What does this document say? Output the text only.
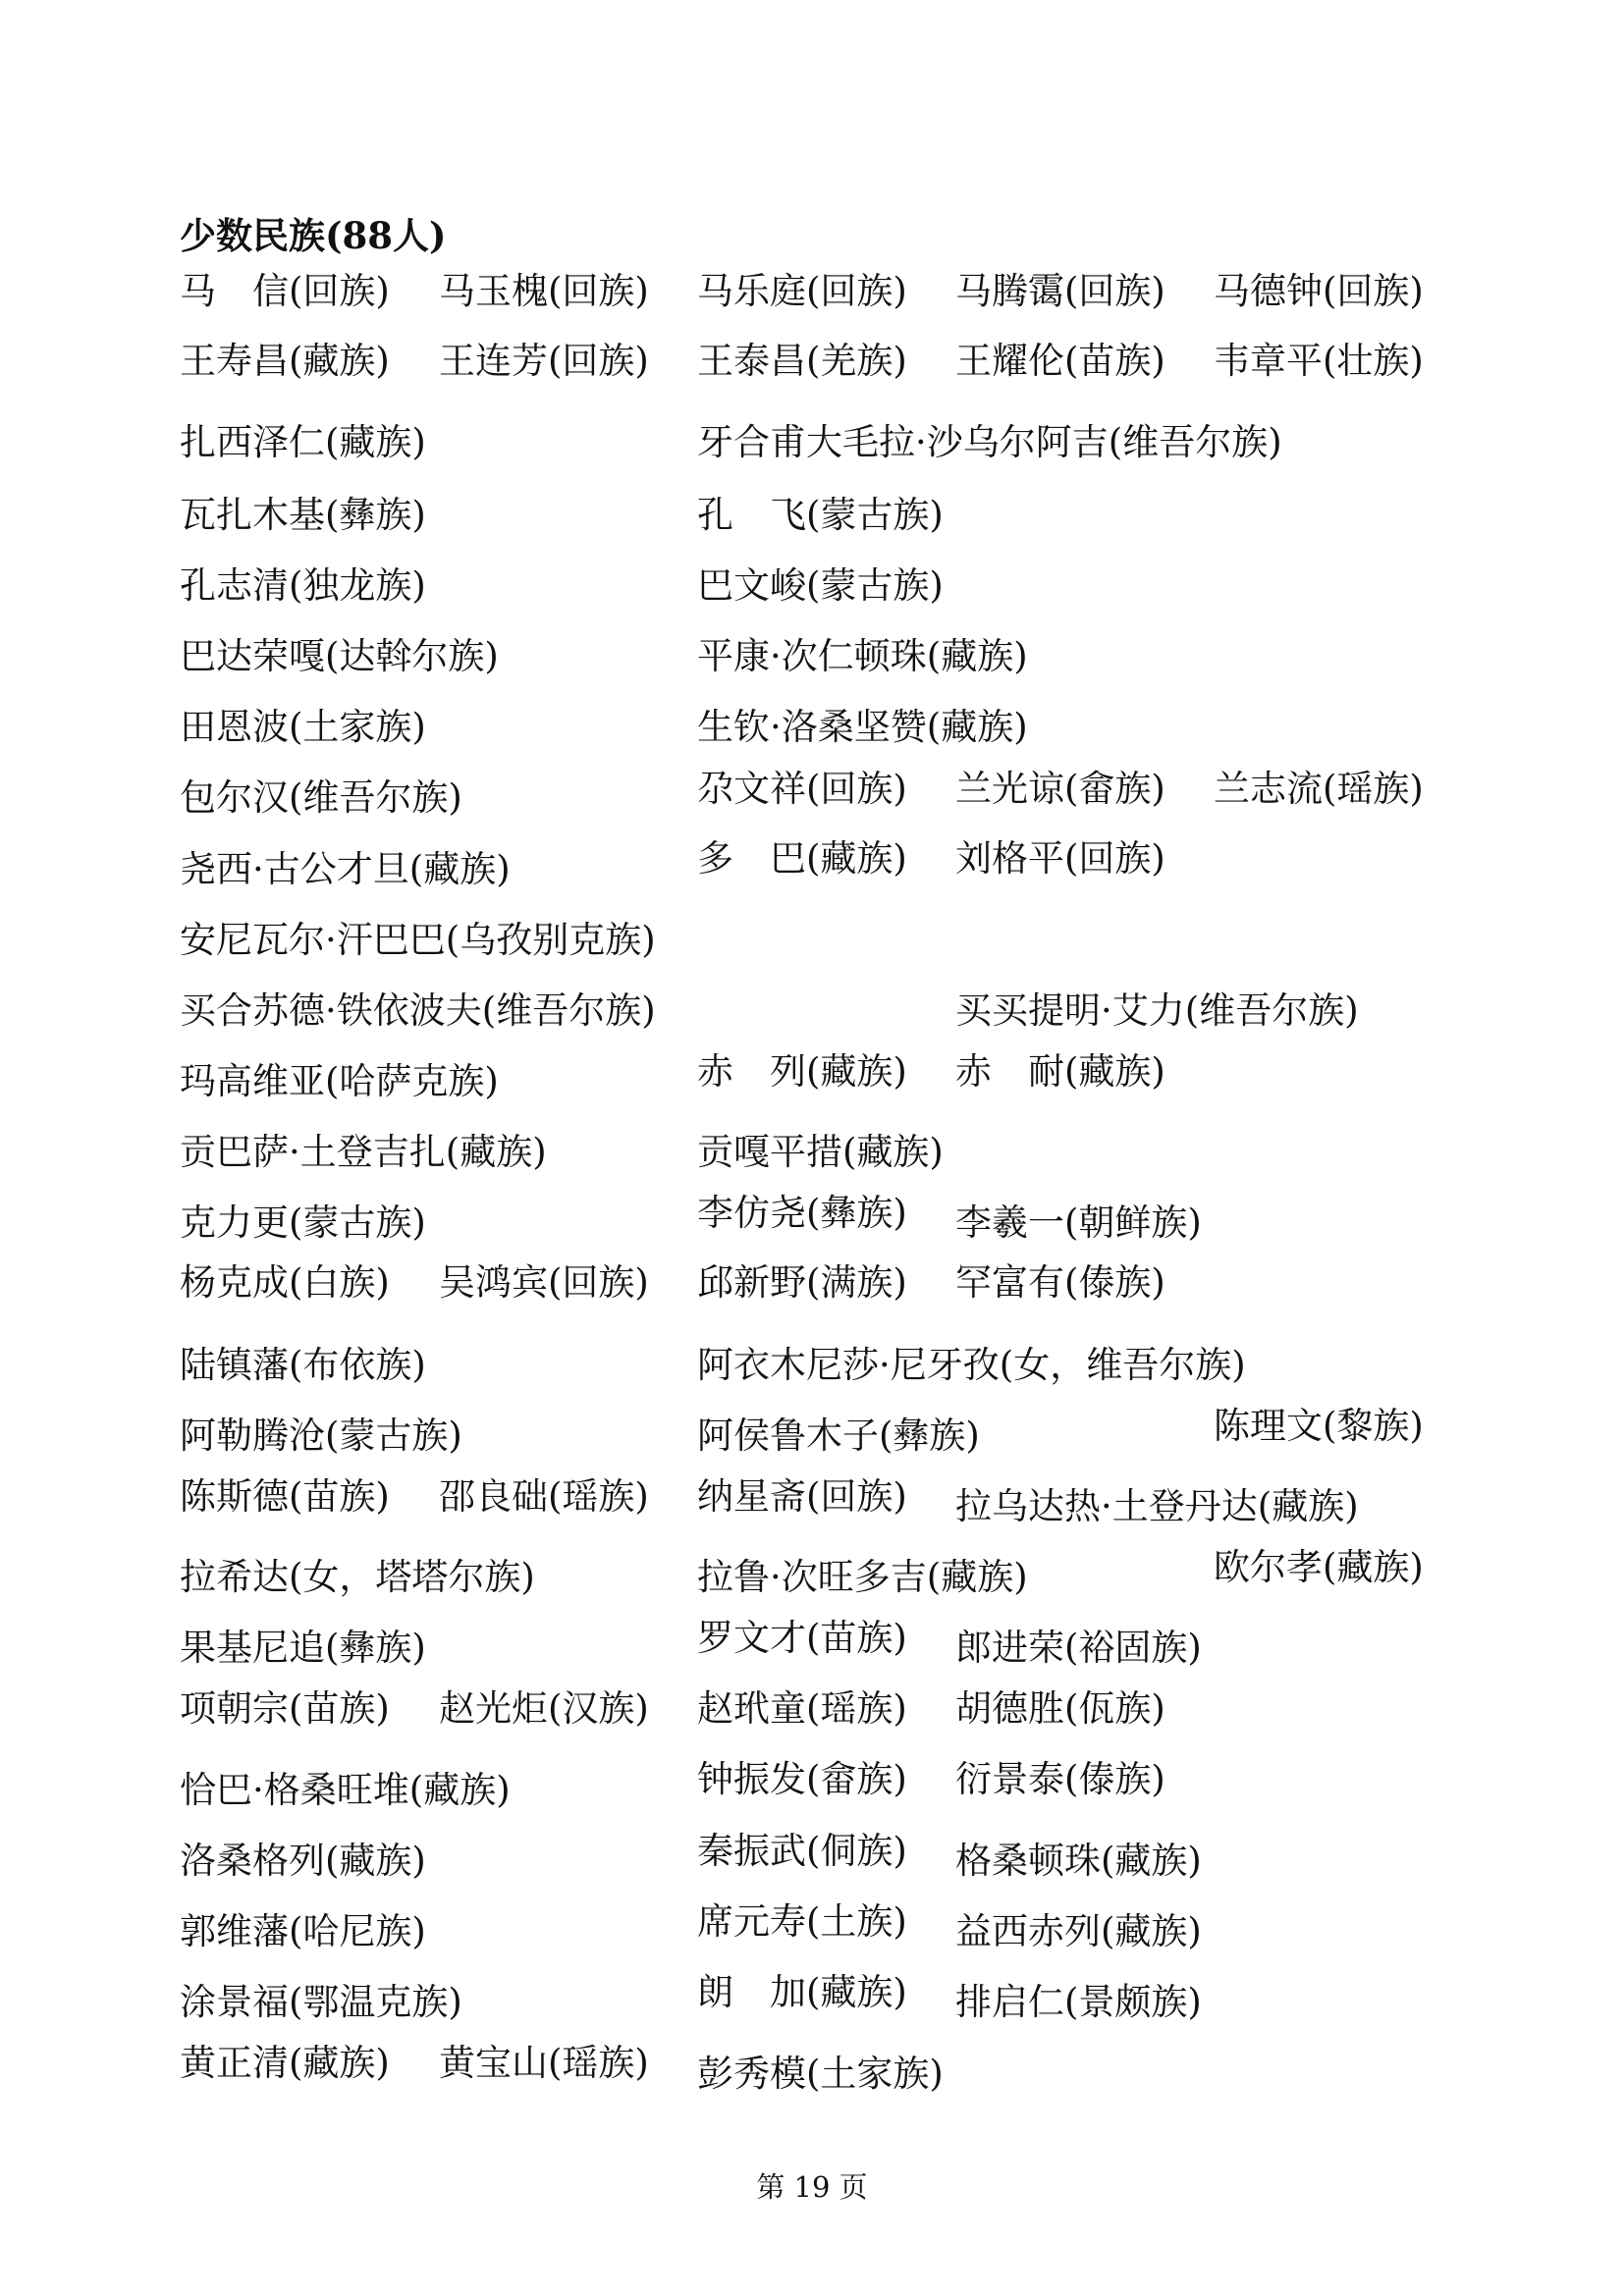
少数民族(88人)
马　信(回族) 马玉槐(回族) 马乐庭(回族) 马腾霭(回族) 马德钟(回族)
王寿昌(藏族) 王连芳(回族) 王泰昌(羌族) 王耀伦(苗族) 韦章平(壮族)
扎西泽仁(藏族)	牙合甫大毛拉·沙乌尔阿吉(维吾尔族)
瓦扎木基(彝族)	孔　飞(蒙古族)
孔志清(独龙族)	巴文峻(蒙古族)
巴达荣嘎(达斡尔族)	平康·次仁顿珠(藏族)
田恩波(土家族)	生钦·洛桑坚赞(藏族)
包尔汉(维吾尔族)	尕文祥(回族) 兰光谅(畲族) 兰志流(瑶族)
尧西·古公才旦(藏族)	多　巴(藏族) 刘格平(回族)
安尼瓦尔·汗巴巴(乌孜别克族)
买合苏德·铁依波夫(维吾尔族)	买买提明·艾力(维吾尔族)
玛高维亚(哈萨克族)	赤　列(藏族) 赤　耐(藏族)
贡巴萨·土登吉扎(藏族)	贡嘎平措(藏族)
克力更(蒙古族)	李仿尧(彝族) 李羲一(朝鲜族)
杨克成(白族) 吴鸿宾(回族) 邱新野(满族) 罕富有(傣族)
陆镇藩(布依族)	阿衣木尼莎·尼牙孜(女，维吾尔族)
阿勒腾沧(蒙古族)	阿侯鲁木子(彝族)	陈理文(黎族)
陈斯德(苗族) 邵良础(瑶族) 纳星斋(回族) 拉乌达热·土登丹达(藏族)
拉希达(女，塔塔尔族)	拉鲁·次旺多吉(藏族)	欧尔孝(藏族)
果基尼追(彝族)	罗文才(苗族) 郎进荣(裕固族)
项朝宗(苗族) 赵光炬(汉族) 赵玳童(瑶族) 胡德胜(佤族)
恰巴·格桑旺堆(藏族)	钟振发(畲族) 衍景泰(傣族)
洛桑格列(藏族)	秦振武(侗族) 格桑顿珠(藏族)
郭维藩(哈尼族)	席元寿(土族) 益西赤列(藏族)
涂景福(鄂温克族)	朗　加(藏族) 排启仁(景颇族)
黄正清(藏族) 黄宝山(瑶族) 彭秀模(土家族)
第 19 页
